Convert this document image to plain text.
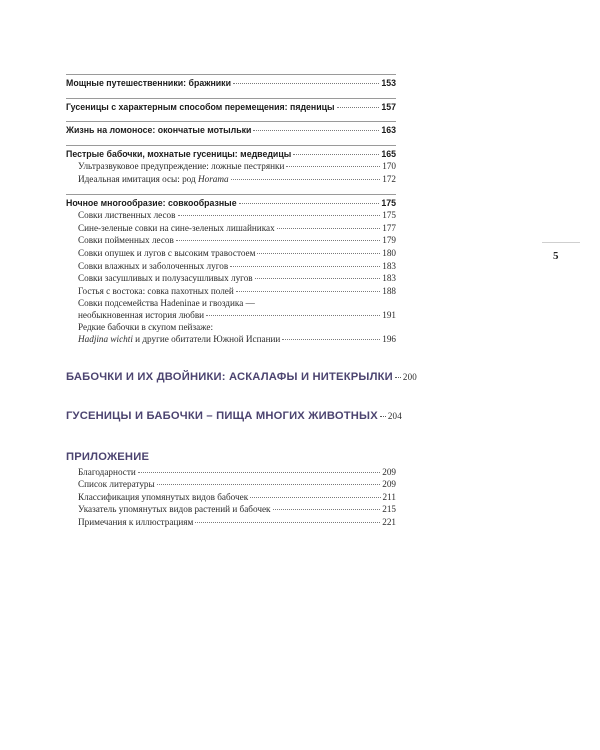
Мощные путешественники: бражники	153
Гусеницы с характерным способом перемещения: пяденицы	157
Жизнь на ломоносе: окончатые мотыльки	163
Пестрые бабочки, мохнатые гусеницы: медведицы	165
Ультразвуковое предупреждение: ложные пестрянки	170
Идеальная имитация осы: род Horama	172
Ночное многообразие: совкообразные	175
Совки лиственных лесов	175
Сине-зеленые совки на сине-зеленых лишайниках	177
Совки пойменных лесов	179
Совки опушек и лугов с высоким травостоем	180
Совки влажных и заболоченных лугов	183
Совки засушливых и полузасушливых лугов	183
Гостья с востока: совка пахотных полей	188
Совки подсемейства Hadeninae и гвоздика —
необыкновенная история любви	191
Редкие бабочки в скупом пейзаже:
Hadjina wichti и другие обитатели Южной Испании	196
БАБОЧКИ И ИХ ДВОЙНИКИ: АСКАЛАФЫ И НИТЕКРЫЛКИ 200
ГУСЕНИЦЫ И БАБОЧКИ – ПИЩА МНОГИХ ЖИВОТНЫХ 204
ПРИЛОЖЕНИЕ
Благодарности	209
Список литературы	209
Классификация упомянутых видов бабочек	211
Указатель упомянутых видов растений и бабочек	215
Примечания к иллюстрациям	221
5
